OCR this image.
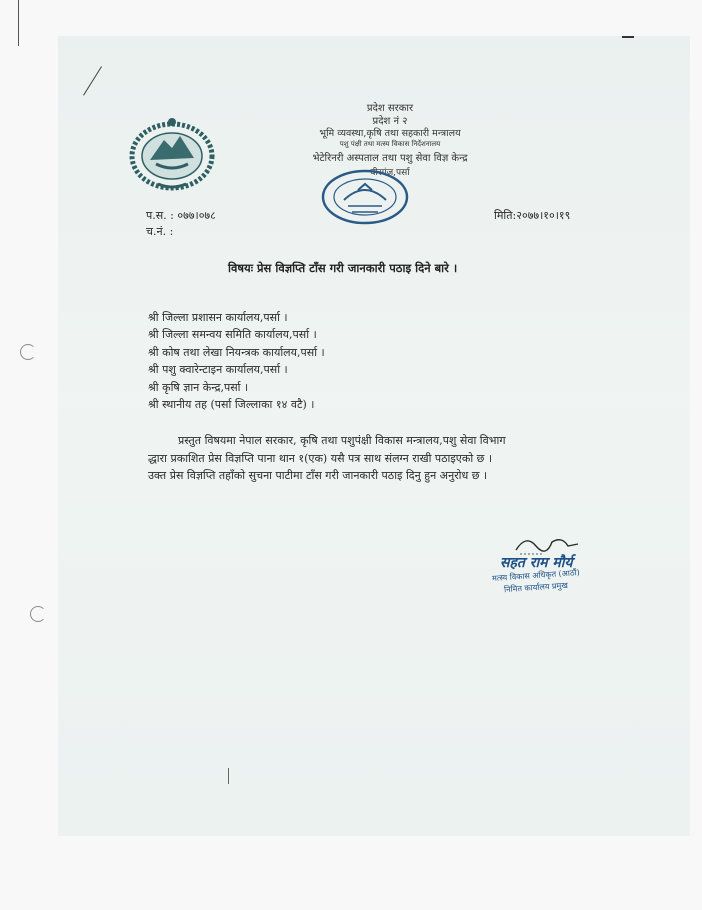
प्रदेश सरकार
प्रदेश नं २
भूमि व्यवस्था,कृषि तथा सहकारी मन्त्रालय
पशु पंक्षी तथा मत्स्य विकास निर्देशनालय
भेटेरिनरी अस्पताल तथा पशु सेवा विज्ञ केन्द्र
वीरगंज,पर्सा
प.स. : ०७७।०७८
च.नं. :
मिति:२०७७।१०।१९
विषयः प्रेस विज्ञप्ति टाँस गरी जानकारी पठाइ दिने बारे ।
श्री जिल्ला प्रशासन कार्यालय,पर्सा ।
श्री जिल्ला समन्वय समिति कार्यालय,पर्सा ।
श्री कोष तथा लेखा नियन्त्रक कार्यालय,पर्सा ।
श्री पशु क्वारेन्टाइन कार्यालय,पर्सा ।
श्री कृषि ज्ञान केन्द्र,पर्सा ।
श्री स्थानीय तह (पर्सा जिल्लाका १४ वटै) ।
प्रस्तुत विषयमा नेपाल सरकार, कृषि तथा पशुपंक्षी विकास मन्त्रालय,पशु सेवा विभाग
द्धारा प्रकाशित प्रेस विज्ञप्ति पाना थान १(एक) यसै पत्र साथ संलग्न राखी पठाइएको छ ।
उक्त प्रेस विज्ञप्ति तहाँको सुचना पाटीमा टाँस गरी जानकारी पठाइ दिनु हुन अनुरोध छ ।
सहत राम मौर्य
मत्स्य विकास अधिकृत (आठौं)
निमित कार्यालय प्रमुख
